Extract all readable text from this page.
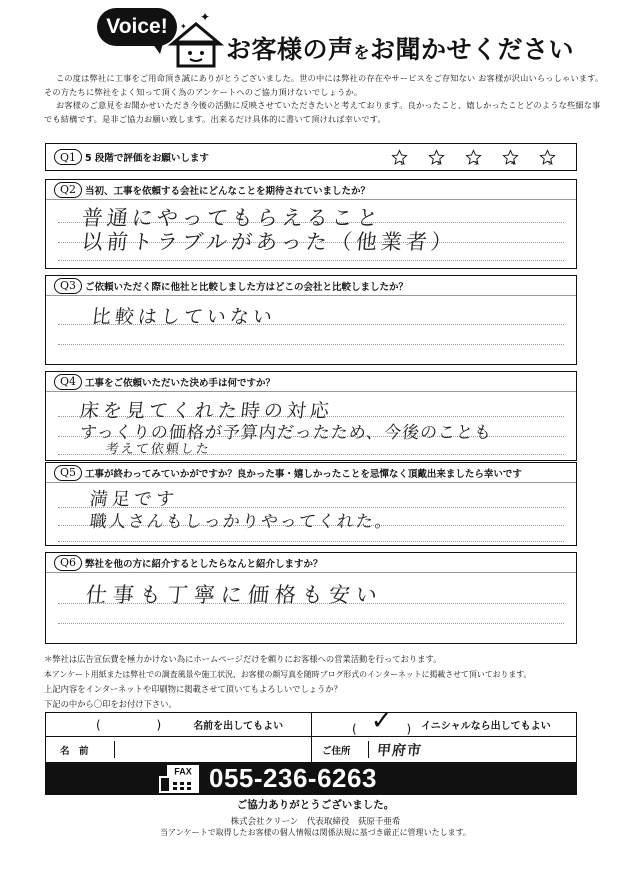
Voice!	✦
✦
お客様の声をお聞かせください

この度は弊社に工事をご用命頂き誠にありがとうございました。世の中には弊社の存在やサービスをご存知ない お客様が沢山いらっしゃいます。その方たちに弊社をよく知って頂く為のアンケートへのご協力頂けないでしょうか。

お客様のご意見をお聞かせいただき今後の活動に反映させていただきたいと考えております。良かったこと、嬉しかったことどのような些細な事でも結構です。是非ご協力お願い致します。出来るだけ具体的に書いて頂ければ幸いです。

Q1 5 段階で評価をお願いします	1	2	3	4	5
Q2 当初、工事を依頼する会社にどんなことを期待されていましたか？
普通にやってもらえること
以前トラブルがあった（他業者）
Q3 ご依頼いただく際に他社と比較しました方はどこの会社と比較しましたか？
比較はしていない
Q4 工事をご依頼いただいた決め手は何ですか？
床を見てくれた時の対応
すっくりの価格が予算内だったため、今後のことも
考えて依頼した
Q5 工事が終わってみていかがですか？良かった事・嬉しかったことを忌憚なく頂戴出来ましたら幸いです
満足です
職人さんもしっかりやってくれた。
Q6 弊社を他の方に紹介するとしたらなんと紹介しますか？
仕事も丁寧に価格も安い
＊弊社は広告宣伝費を極力かけない為にホームページだけを頼りにお客様への営業活動を行っております。
本アンケート用紙または弊社での調査風景や施工状況、お客様の顔写真を随時ブログ形式のインターネットに掲載させて頂いております。
上記内容をインターネットや印刷物に掲載させて頂いてもよろしいでしょうか？
下記の中から〇印をお付け下さい。
( ) 名前を出してもよい	( ✓ ) イニシャルなら出してもよい
名　前	ご住所 甲府市
FAX 055-236-6263
ご協力ありがとうございました。
株式会社クリーン　代表取締役　荻原千亜希
当アンケートで取得したお客様の個人情報は関係法規に基づき厳正に管理いたします。
